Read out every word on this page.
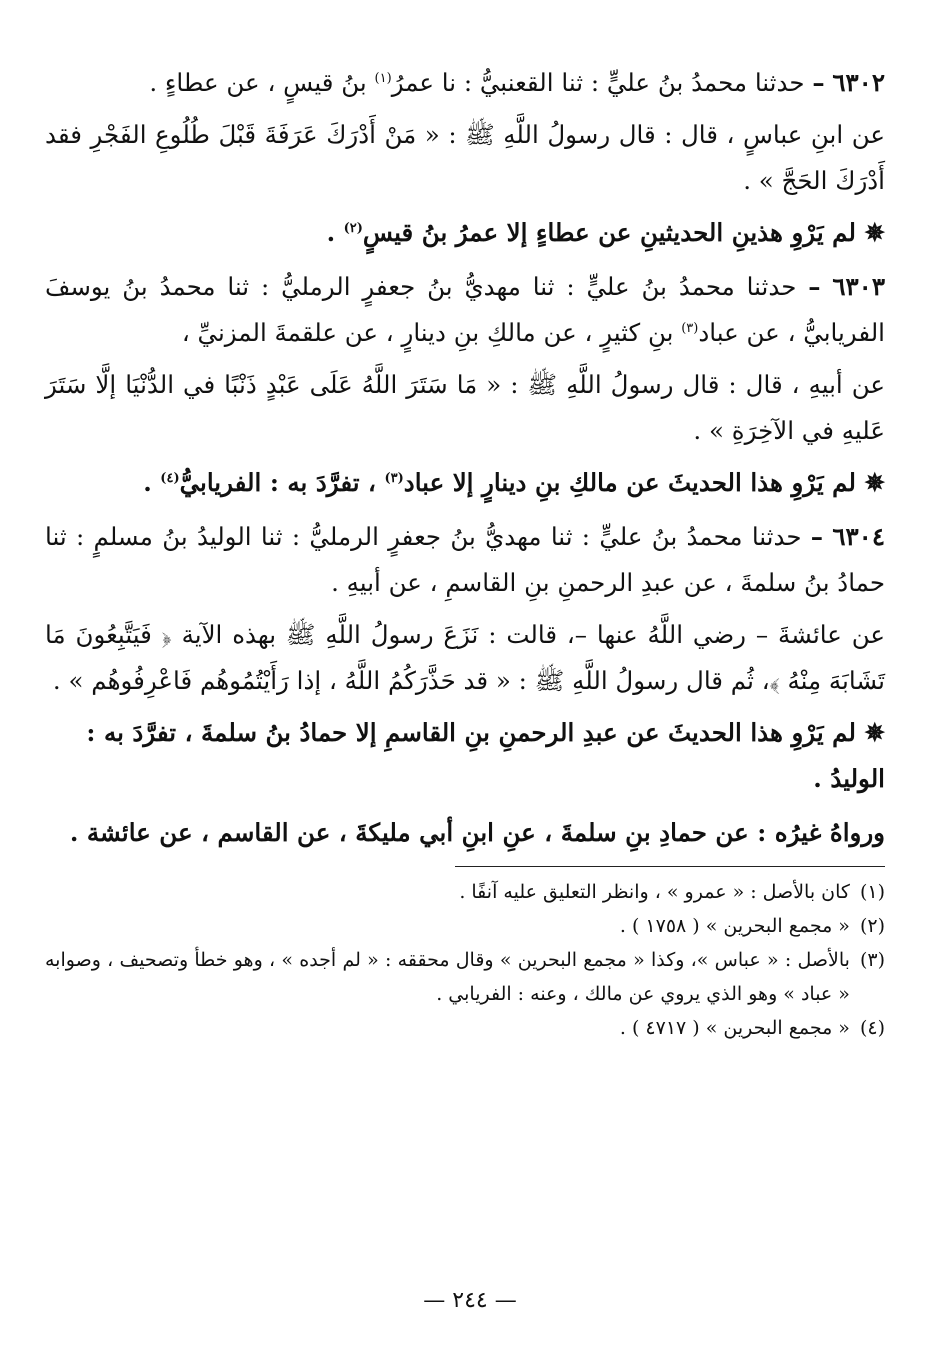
٦٣٠٢ – حدثنا محمدُ بنُ عليٍّ : ثنا القعنبيُّ : نا عمرُ$^{(١)}$ بنُ قيسٍ ، عن عطاءٍ .

عن ابنِ عباسٍ ، قال : قال رسولُ اللَّهِ ﷺ : « مَنْ أَدْرَكَ عَرَفَةَ قَبْلَ طُلُوعِ الفَجْرِ فقد أَدْرَكَ الحَجَّ » .

✵ لم يَرْوِ هذينِ الحديثينِ عن عطاءٍ إلا عمرُ بنُ قيسٍ$^{(٢)}$ .

٦٣٠٣ – حدثنا محمدُ بنُ عليٍّ : ثنا مهديُّ بنُ جعفرٍ الرمليُّ : ثنا محمدُ بنُ يوسفَ الفريابيُّ ، عن عباد$^{(٣)}$ بنِ كثيرٍ ، عن مالكِ بنِ دينارٍ ، عن علقمةَ المزنيِّ ،

عن أبيهِ ، قال : قال رسولُ اللَّهِ ﷺ : « مَا سَتَرَ اللَّهُ عَلَى عَبْدٍ ذَنْبًا في الدُّنْيَا إلَّا سَتَرَ عَليهِ في الآخِرَةِ » .

✵ لم يَرْوِ هذا الحديثَ عن مالكِ بنِ دينارٍ إلا عباد$^{(٣)}$ ، تفرَّدَ به : الفريابيُّ$^{(٤)}$ .

٦٣٠٤ – حدثنا محمدُ بنُ عليٍّ : ثنا مهديُّ بنُ جعفرٍ الرمليُّ : ثنا الوليدُ بنُ مسلمٍ : ثنا حمادُ بنُ سلمةَ ، عن عبدِ الرحمنِ بنِ القاسمِ ، عن أبيهِ .

عن عائشةَ – رضي اللَّهُ عنها –، قالت : نَزَعَ رسولُ اللَّهِ ﷺ بهذه الآية ﴿ فَيَتَّبِعُونَ مَا تَشَابَهَ مِنْهُ ﴾، ثُم قال رسولُ اللَّهِ ﷺ : « قد حَذَّرَكُمُ اللَّهُ ، إذا رَأَيْتُمُوهُم فَاعْرِفُوهُم » .

✵ لم يَرْوِ هذا الحديثَ عن عبدِ الرحمنِ بنِ القاسمِ إلا حمادُ بنُ سلمةَ ، تفرَّدَ به : الوليدُ .

ورواهُ غيرُه : عن حمادِ بنِ سلمةَ ، عنِ ابنِ أبي مليكةَ ، عن القاسم ، عن عائشة .

(١)
كان بالأصل : « عمرو » ، وانظر التعليق عليه آنفًا .

(٢)
« مجمع البحرين » ( ١٧٥٨ ) .

(٣)
بالأصل : « عباس »، وكذا « مجمع البحرين » وقال محققه : « لم أجده » ، وهو خطأ وتصحيف ، وصوابه « عباد » وهو الذي يروي عن مالك ، وعنه : الفريابي .

(٤)
« مجمع البحرين » ( ٤٧١٧ ) .

— ٢٤٤ —
